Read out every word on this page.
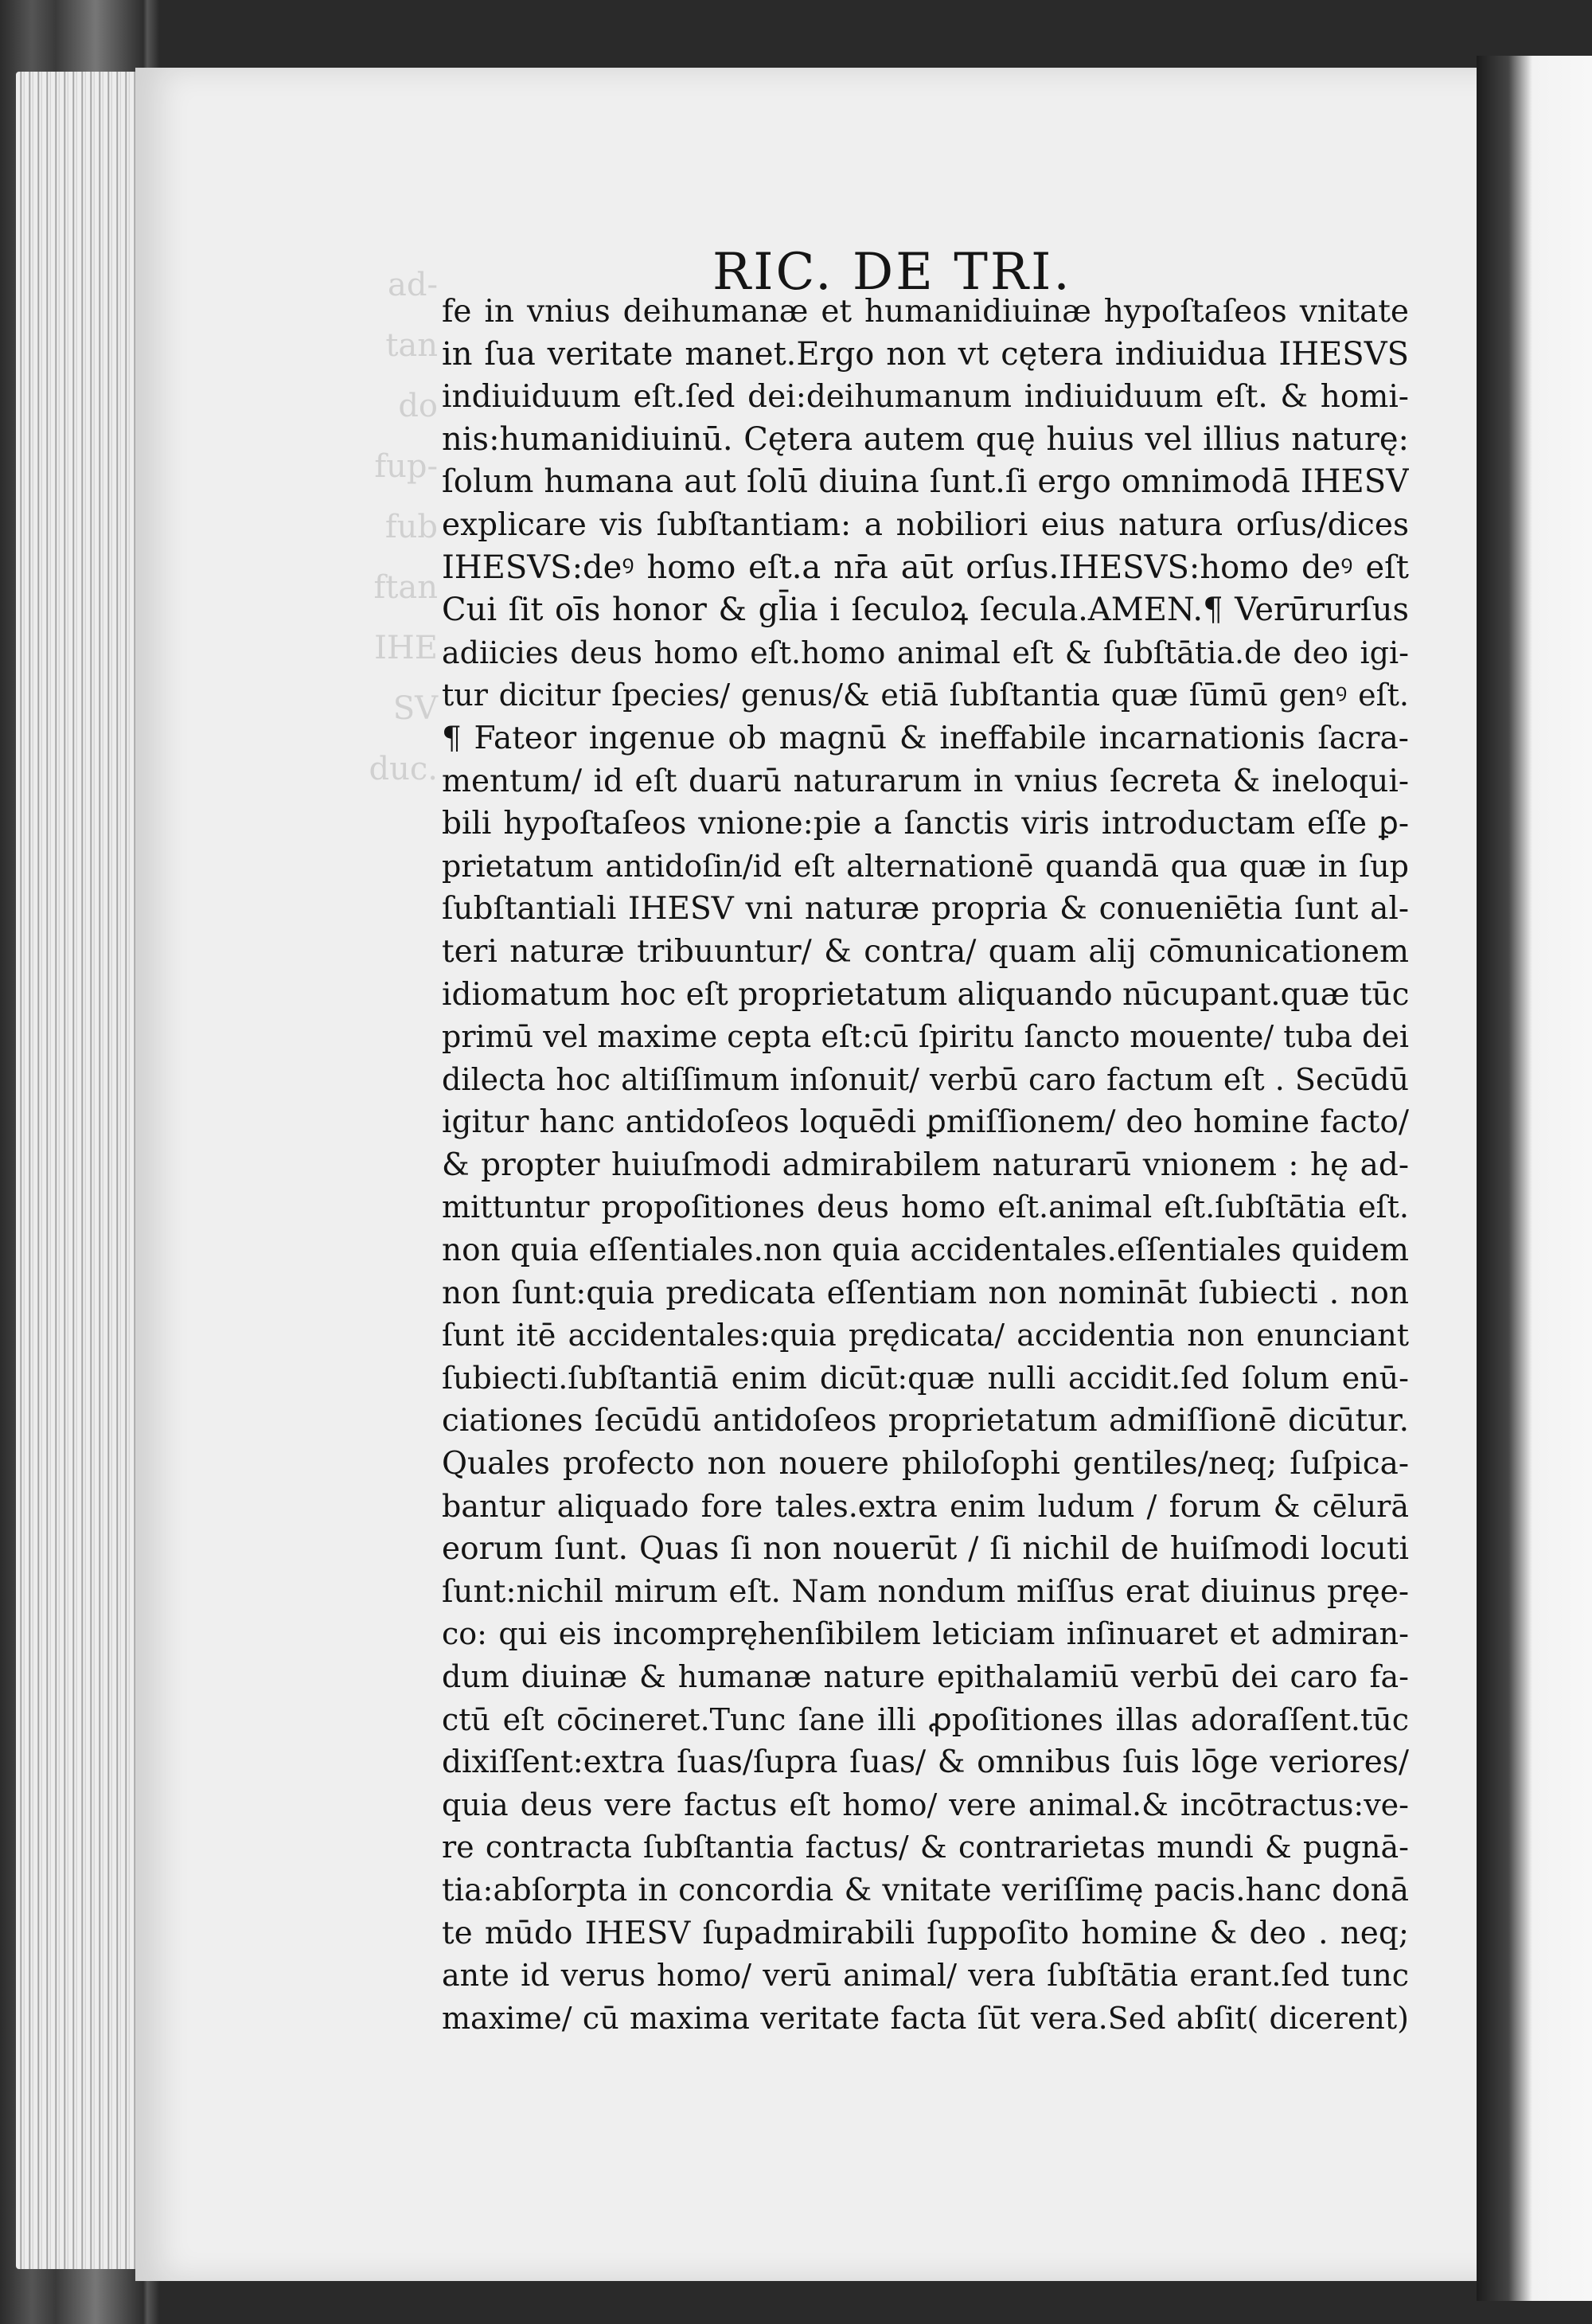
ad-
tan
do
fup-
fub
ftan
IHE
SV
duc.
RIC. DE TRI.
fe in vnius deihumanæ et humanidiuinæ hypoſtaſeos vnitate
in ſua veritate manet.Ergo non vt cętera indiuidua IHESVS
indiuiduum eſt.ſed dei:deihumanum indiuiduum eſt. & homi-
nis:humanidiuinū. Cętera autem quę huius vel illius naturę:
ſolum humana aut ſolū diuina ſunt.ſi ergo omnimodā IHESV
explicare vis ſubſtantiam: a nobiliori eius natura orſus/dices
IHESVS:deꝰ homo eſt.a nr̄a aūt orſus.IHESVS:homo deꝰ eſt
Cui ſit oīs honor & gl̄ia i ſeculoꝝ ſecula.AMEN.¶ Verūrurſus
adiicies deus homo eſt.homo animal eſt & ſubſtātia.de deo igi-
tur dicitur ſpecies/ genus/& etiā ſubſtantia quæ ſūmū genꝰ eſt.
¶ Fateor ingenue ob magnū & ineffabile incarnationis ſacra-
mentum/ id eſt duarū naturarum in vnius ſecreta & ineloqui-
bili hypoſtaſeos vnione:pie a ſanctis viris introductam eſſe ꝑ-
prietatum antidoſin/id eſt alternationē quandā qua quæ in ſup
ſubſtantiali IHESV vni naturæ propria & conueniētia ſunt al-
teri naturæ tribuuntur/ & contra/ quam alij cōmunicationem
idiomatum hoc eſt proprietatum aliquando nūcupant.quæ tūc
primū vel maxime cepta eſt:cū ſpiritu ſancto mouente/ tuba dei
dilecta hoc altiſſimum inſonuit/ verbū caro factum eſt . Secūdū
igitur hanc antidoſeos loquēdi ꝑmiſſionem/ deo homine facto/
& propter huiuſmodi admirabilem naturarū vnionem : hę ad-
mittuntur propoſitiones deus homo eſt.animal eſt.ſubſtātia eſt.
non quia eſſentiales.non quia accidentales.eſſentiales quidem
non ſunt:quia predicata eſſentiam non nomināt ſubiecti . non
ſunt itē accidentales:quia prędicata/ accidentia non enunciant
ſubiecti.ſubſtantiā enim dicūt:quæ nulli accidit.ſed ſolum enū-
ciationes ſecūdū antidoſeos proprietatum admiſſionē dicūtur.
Quales profecto non nouere philoſophi gentiles/neq; ſuſpica-
bantur aliquado fore tales.extra enim ludum / forum & cēlurā
eorum ſunt. Quas ſi non nouerūt / ſi nichil de huiſmodi locuti
ſunt:nichil mirum eſt. Nam nondum miſſus erat diuinus pręe-
co: qui eis incompręhenſibilem leticiam inſinuaret et admiran-
dum diuinæ & humanæ nature epithalamiū verbū dei caro fa-
ctū eſt cōcineret.Tunc ſane illi ꝓpoſitiones illas adoraſſent.tūc
dixiſſent:extra ſuas/ſupra ſuas/ & omnibus ſuis lōge veriores/
quia deus vere factus eſt homo/ vere animal.& incōtractus:ve-
re contracta ſubſtantia factus/ & contrarietas mundi & pugnā-
tia:abſorpta in concordia & vnitate veriſſimę pacis.hanc donā
te mūdo IHESV ſupadmirabili ſuppoſito homine & deo . neq;
ante id verus homo/ verū animal/ vera ſubſtātia erant.ſed tunc
maxime/ cū maxima veritate facta ſūt vera.Sed abſit( dicerent)
